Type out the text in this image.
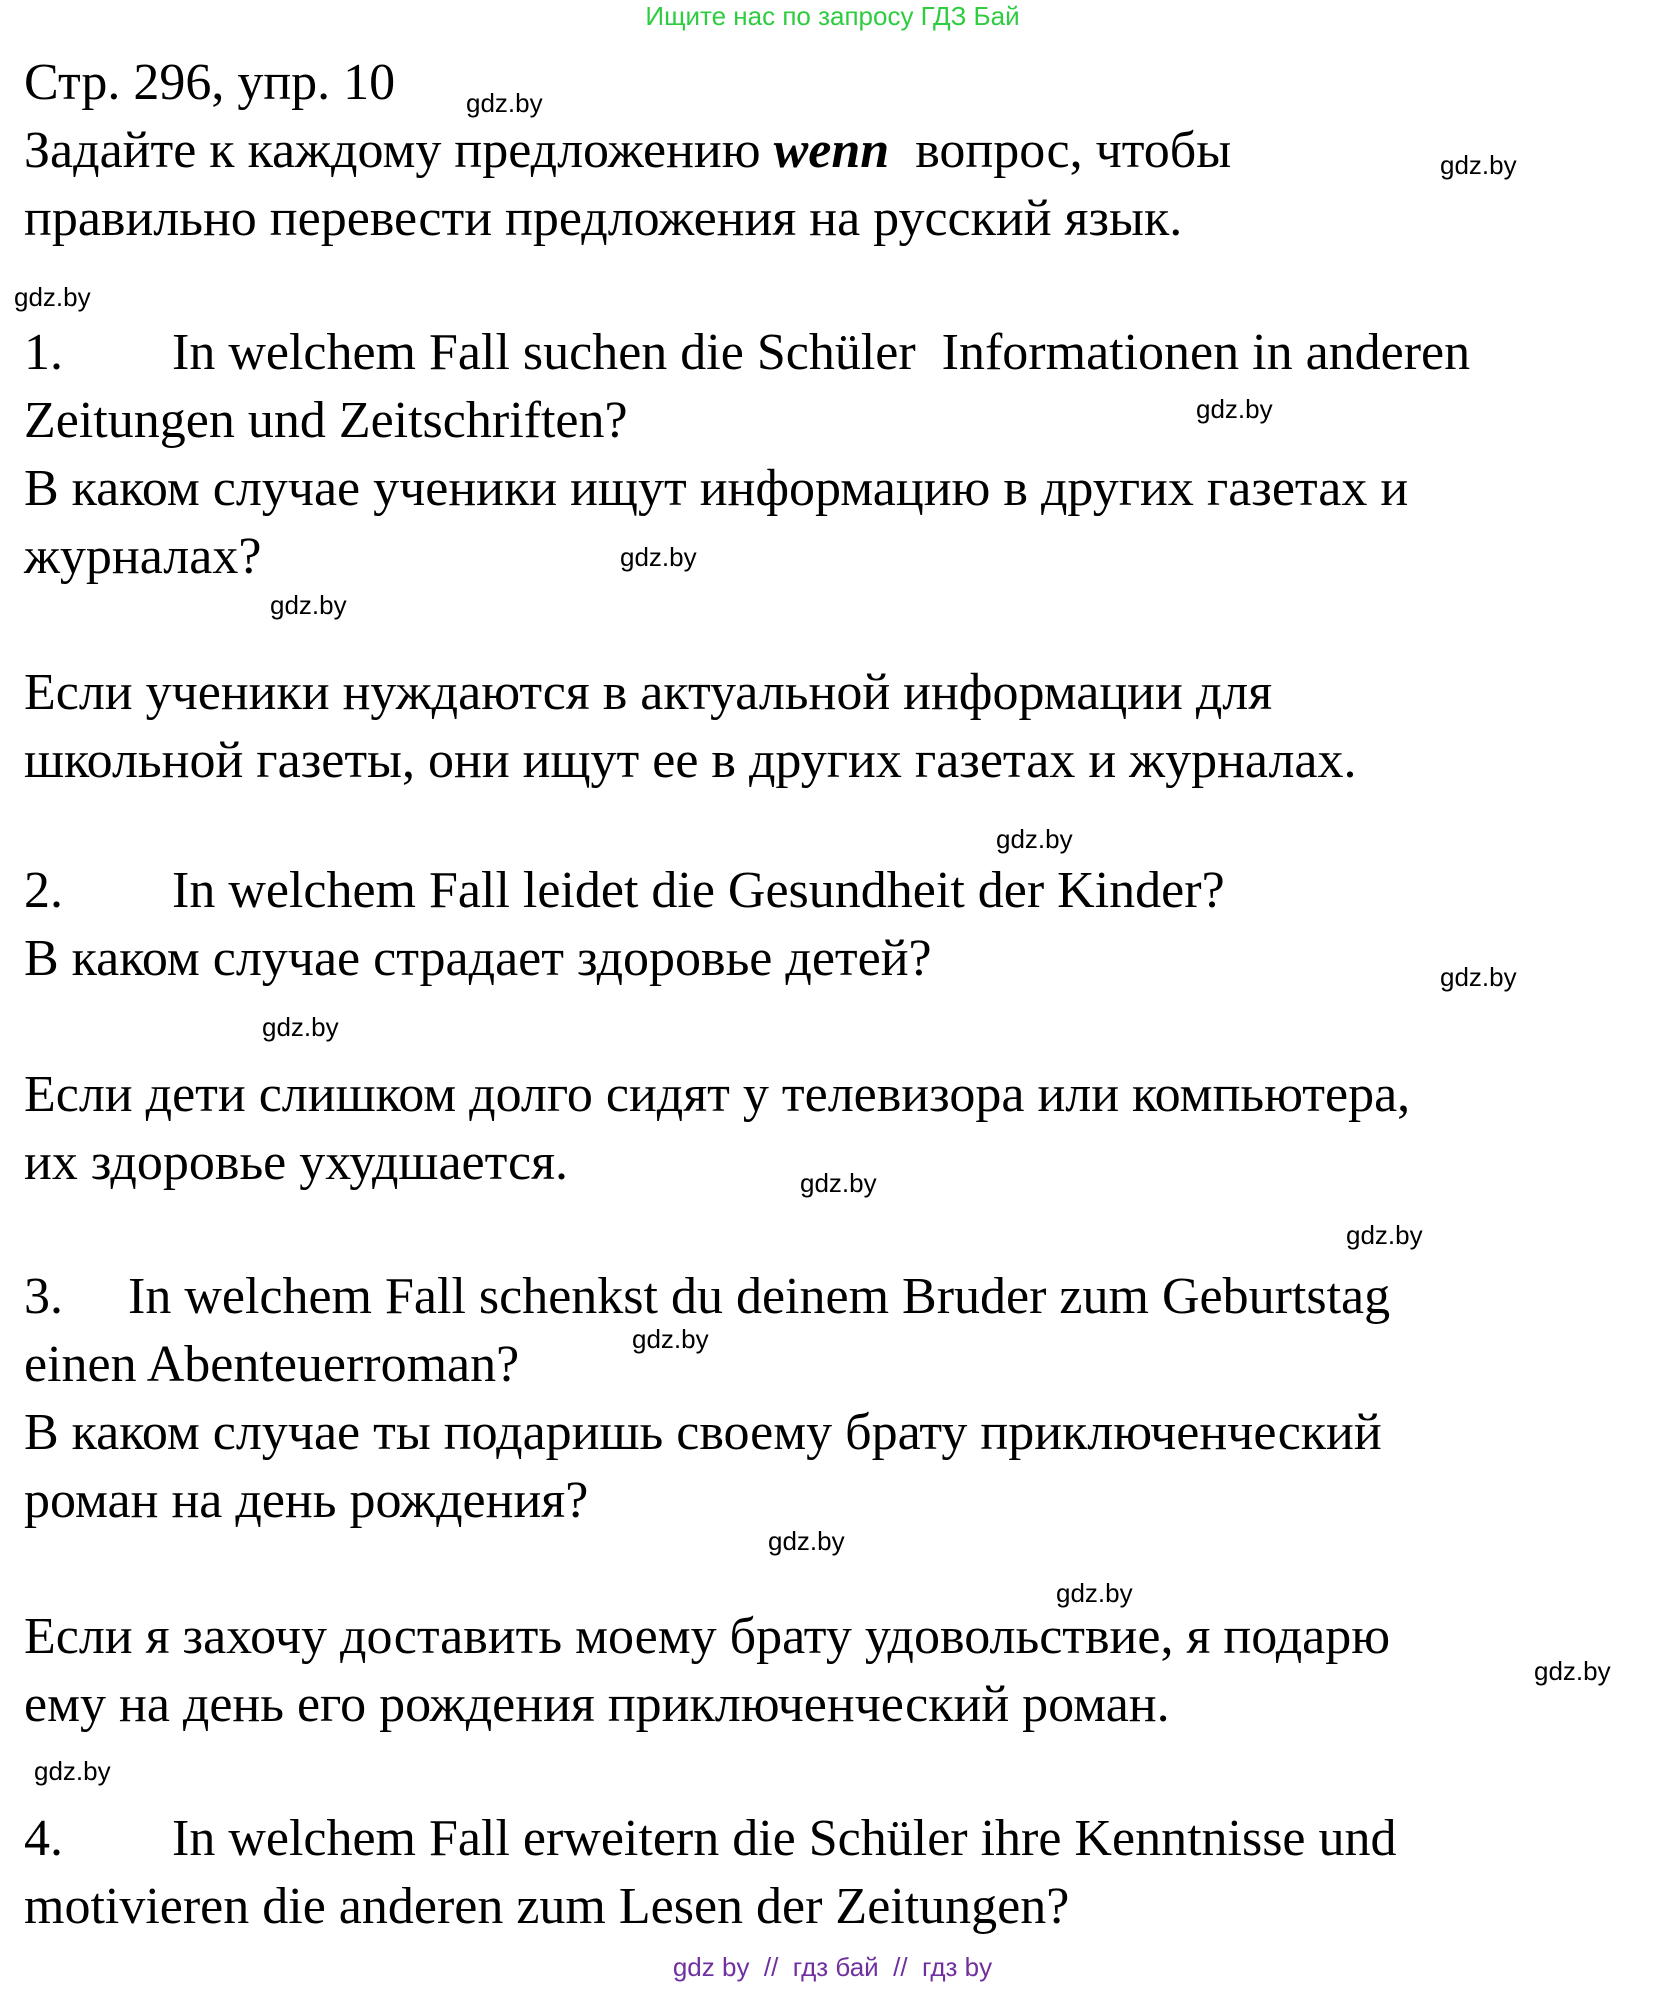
Ищите нас по запросу ГДЗ Бай
Стр. 296, упр. 10
Задайте к каждому предложению wenn  вопрос, чтобы
правильно перевести предложения на русский язык.
1. In welchem Fall suchen die Schüler  Informationen in anderen
Zeitungen und Zeitschriften?
В каком случае ученики ищут информацию в других газетах и
журналах?
Если ученики нуждаются в актуальной информации для
школьной газеты, они ищут ее в других газетах и журналах.
2. In welchem Fall leidet die Gesundheit der Kinder?
В каком случае страдает здоровье детей?
Если дети слишком долго сидят у телевизора или компьютера,
их здоровье ухудшается.
3. In welchem Fall schenkst du deinem Bruder zum Geburtstag
einen Abenteuerroman?
В каком случае ты подаришь своему брату приключенческий
роман на день рождения?
Если я захочу доставить моему брату удовольствие, я подарю
ему на день его рождения приключенческий роман.
4. In welchem Fall erweitern die Schüler ihre Kenntnisse und
motivieren die anderen zum Lesen der Zeitungen?
gdz.by
gdz.by
gdz.by
gdz.by
gdz.by
gdz.by
gdz.by
gdz.by
gdz.by
gdz.by
gdz.by
gdz.by
gdz.by
gdz.by
gdz.by
gdz.by
gdz by  //  гдз бай  //  гдз by
